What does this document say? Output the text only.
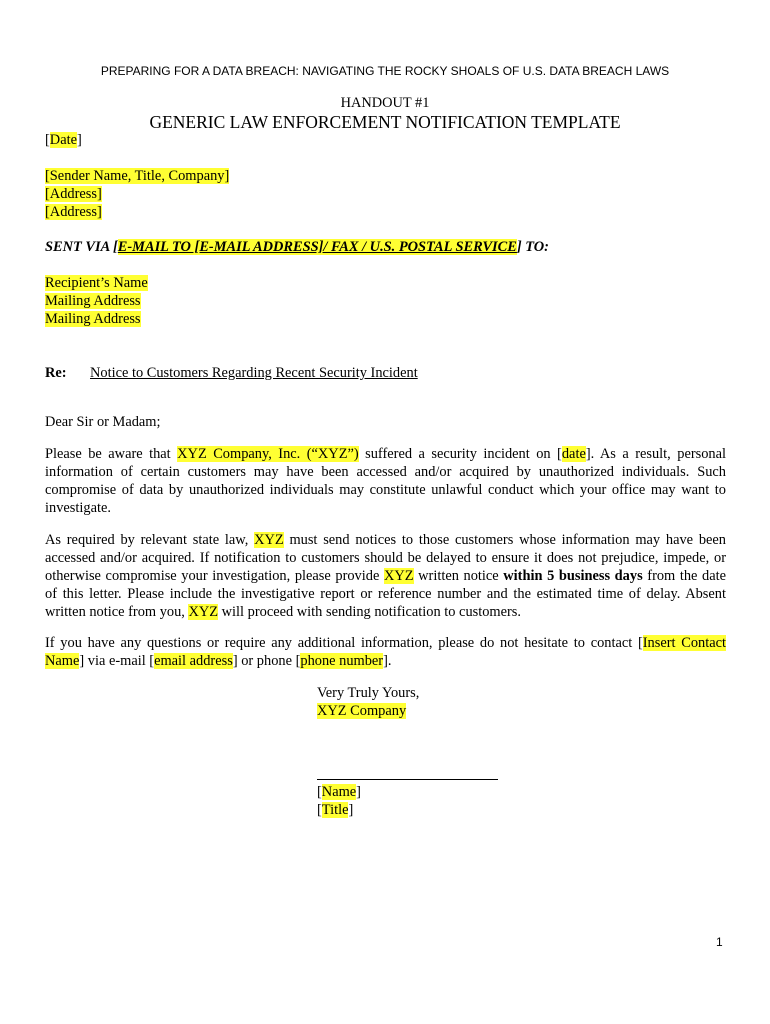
PREPARING FOR A DATA BREACH: NAVIGATING THE ROCKY SHOALS OF U.S. DATA BREACH LAWS
HANDOUT #1
GENERIC LAW ENFORCEMENT NOTIFICATION TEMPLATE
[Date]
[Sender Name, Title, Company]
[Address]
[Address]
SENT VIA [E-MAIL TO [E-MAIL ADDRESS]/ FAX / U.S. POSTAL SERVICE] TO:
Recipient’s Name
Mailing Address
Mailing Address
Re: Notice to Customers Regarding Recent Security Incident
Dear Sir or Madam;
Please be aware that XYZ Company, Inc. (“XYZ”) suffered a security incident on [date]. As a result, personal information of certain customers may have been accessed and/or acquired by unauthorized individuals. Such compromise of data by unauthorized individuals may constitute unlawful conduct which your office may want to investigate.
As required by relevant state law, XYZ must send notices to those customers whose information may have been accessed and/or acquired. If notification to customers should be delayed to ensure it does not prejudice, impede, or otherwise compromise your investigation, please provide XYZ written notice within 5 business days from the date of this letter. Please include the investigative report or reference number and the estimated time of delay. Absent written notice from you, XYZ will proceed with sending notification to customers.
If you have any questions or require any additional information, please do not hesitate to contact [Insert Contact Name] via e-mail [email address] or phone [phone number].
Very Truly Yours,
XYZ Company
[Name]
[Title]
1
